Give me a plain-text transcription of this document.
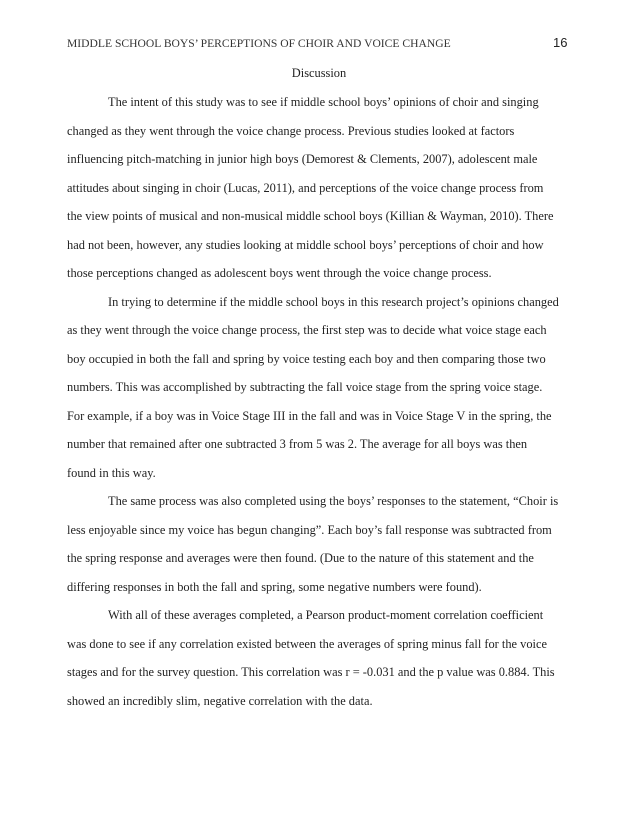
MIDDLE SCHOOL BOYS’ PERCEPTIONS OF CHOIR AND VOICE CHANGE	16
Discussion
The intent of this study was to see if middle school boys’ opinions of choir and singing
changed as they went through the voice change process. Previous studies looked at factors
influencing pitch-matching in junior high boys (Demorest & Clements, 2007), adolescent male
attitudes about singing in choir (Lucas, 2011), and perceptions of the voice change process from
the view points of musical and non-musical middle school boys (Killian & Wayman, 2010). There
had not been, however, any studies looking at middle school boys’ perceptions of choir and how
those perceptions changed as adolescent boys went through the voice change process.
In trying to determine if the middle school boys in this research project’s opinions changed
as they went through the voice change process, the first step was to decide what voice stage each
boy occupied in both the fall and spring by voice testing each boy and then comparing those two
numbers. This was accomplished by subtracting the fall voice stage from the spring voice stage.
For example, if a boy was in Voice Stage III in the fall and was in Voice Stage V in the spring, the
number that remained after one subtracted 3 from 5 was 2. The average for all boys was then
found in this way.
The same process was also completed using the boys’ responses to the statement, “Choir is
less enjoyable since my voice has begun changing”. Each boy’s fall response was subtracted from
the spring response and averages were then found. (Due to the nature of this statement and the
differing responses in both the fall and spring, some negative numbers were found).
With all of these averages completed, a Pearson product-moment correlation coefficient
was done to see if any correlation existed between the averages of spring minus fall for the voice
stages and for the survey question. This correlation was r = -0.031 and the p value was 0.884. This
showed an incredibly slim, negative correlation with the data.
